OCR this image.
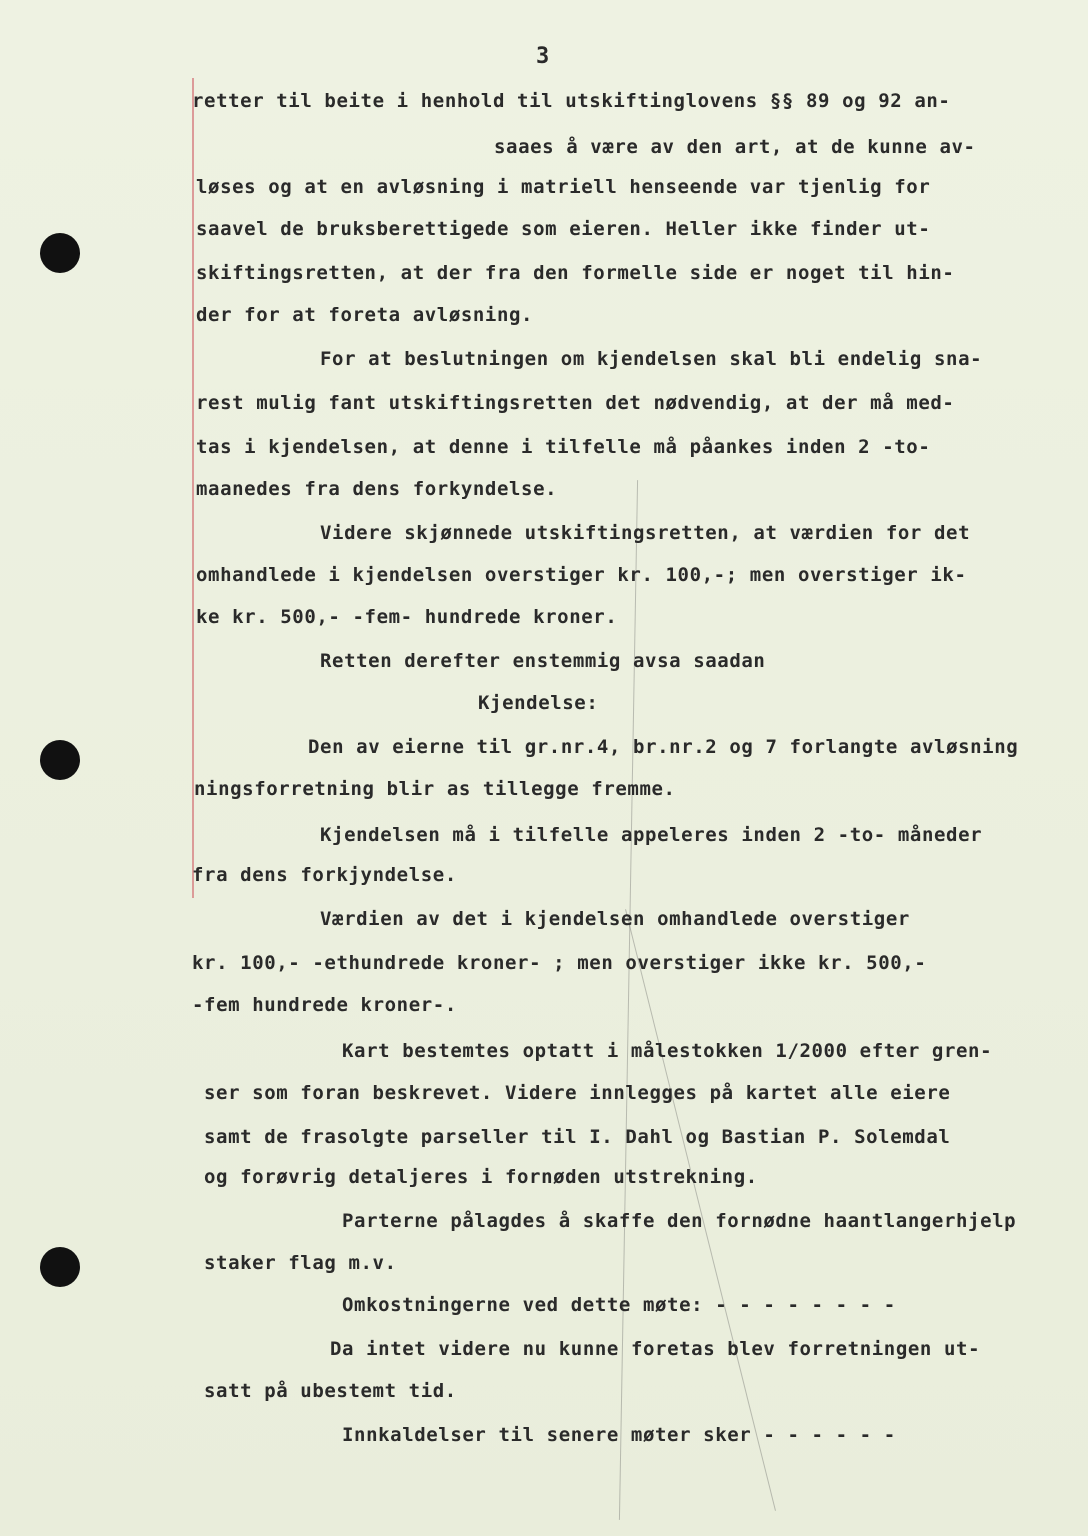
3
retter til beite i henhold til utskiftinglovens §§ 89 og 92 an-
saaes å være av den art, at de kunne av-
løses og at en avløsning i matriell henseende var tjenlig for
saavel de bruksberettigede som eieren. Heller ikke finder ut-
skiftingsretten, at der fra den formelle side er noget til hin-
der for at foreta avløsning.
For at beslutningen om kjendelsen skal bli endelig sna-
rest mulig fant utskiftingsretten det nødvendig, at der må med-
tas i kjendelsen, at denne i tilfelle må påankes inden 2 -to-
maanedes fra dens forkyndelse.
Videre skjønnede utskiftingsretten, at værdien for det
omhandlede i kjendelsen overstiger kr. 100,-; men overstiger ik-
ke kr. 500,- -fem- hundrede kroner.
Retten derefter enstemmig avsa saadan
Kjendelse:
Den av eierne til gr.nr.4, br.nr.2 og 7 forlangte avløsning
ningsforretning blir as tillegge fremme.
Kjendelsen må i tilfelle appeleres inden 2 -to- måneder
fra dens forkjyndelse.
Værdien av det i kjendelsen omhandlede overstiger
kr. 100,- -ethundrede kroner- ; men overstiger ikke kr. 500,-
-fem hundrede kroner-.
Kart bestemtes optatt i målestokken 1/2000 efter gren-
ser som foran beskrevet. Videre innlegges på kartet alle eiere
samt de frasolgte parseller til I. Dahl og Bastian P. Solemdal
og forøvrig detaljeres i fornøden utstrekning.
Parterne pålagdes å skaffe den fornødne haantlangerhjelp
staker flag m.v.
Omkostningerne ved dette møte: - - - - - - - -
Da intet videre nu kunne foretas blev forretningen ut-
satt på ubestemt tid.
Innkaldelser til senere møter sker - - - - - -
